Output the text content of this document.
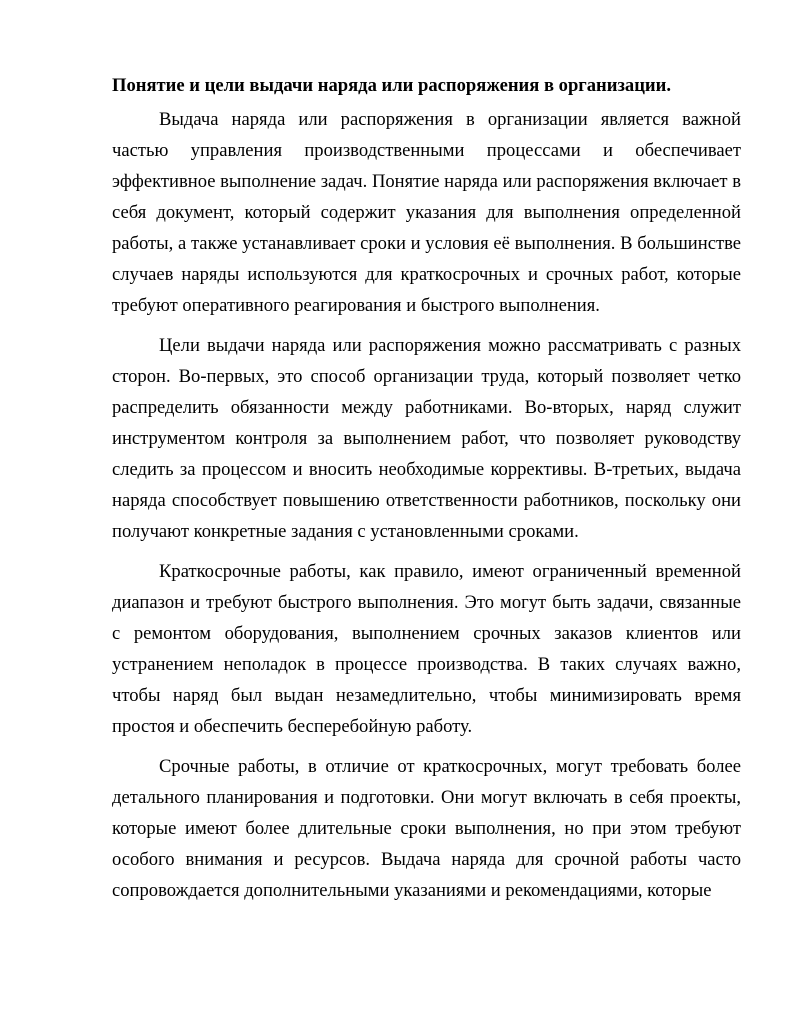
Понятие и цели выдачи наряда или распоряжения в организации.

Выдача наряда или распоряжения в организации является важной частью управления производственными процессами и обеспечивает эффективное выполнение задач. Понятие наряда или распоряжения включает в себя документ, который содержит указания для выполнения определенной работы, а также устанавливает сроки и условия её выполнения. В большинстве случаев наряды используются для краткосрочных и срочных работ, которые требуют оперативного реагирования и быстрого выполнения.

Цели выдачи наряда или распоряжения можно рассматривать с разных сторон. Во-первых, это способ организации труда, который позволяет четко распределить обязанности между работниками. Во-вторых, наряд служит инструментом контроля за выполнением работ, что позволяет руководству следить за процессом и вносить необходимые коррективы. В-третьих, выдача наряда способствует повышению ответственности работников, поскольку они получают конкретные задания с установленными сроками.

Краткосрочные работы, как правило, имеют ограниченный временной диапазон и требуют быстрого выполнения. Это могут быть задачи, связанные с ремонтом оборудования, выполнением срочных заказов клиентов или устранением неполадок в процессе производства. В таких случаях важно, чтобы наряд был выдан незамедлительно, чтобы минимизировать время простоя и обеспечить бесперебойную работу.

Срочные работы, в отличие от краткосрочных, могут требовать более детального планирования и подготовки. Они могут включать в себя проекты, которые имеют более длительные сроки выполнения, но при этом требуют особого внимания и ресурсов. Выдача наряда для срочной работы часто сопровождается дополнительными указаниями и рекомендациями, которые
